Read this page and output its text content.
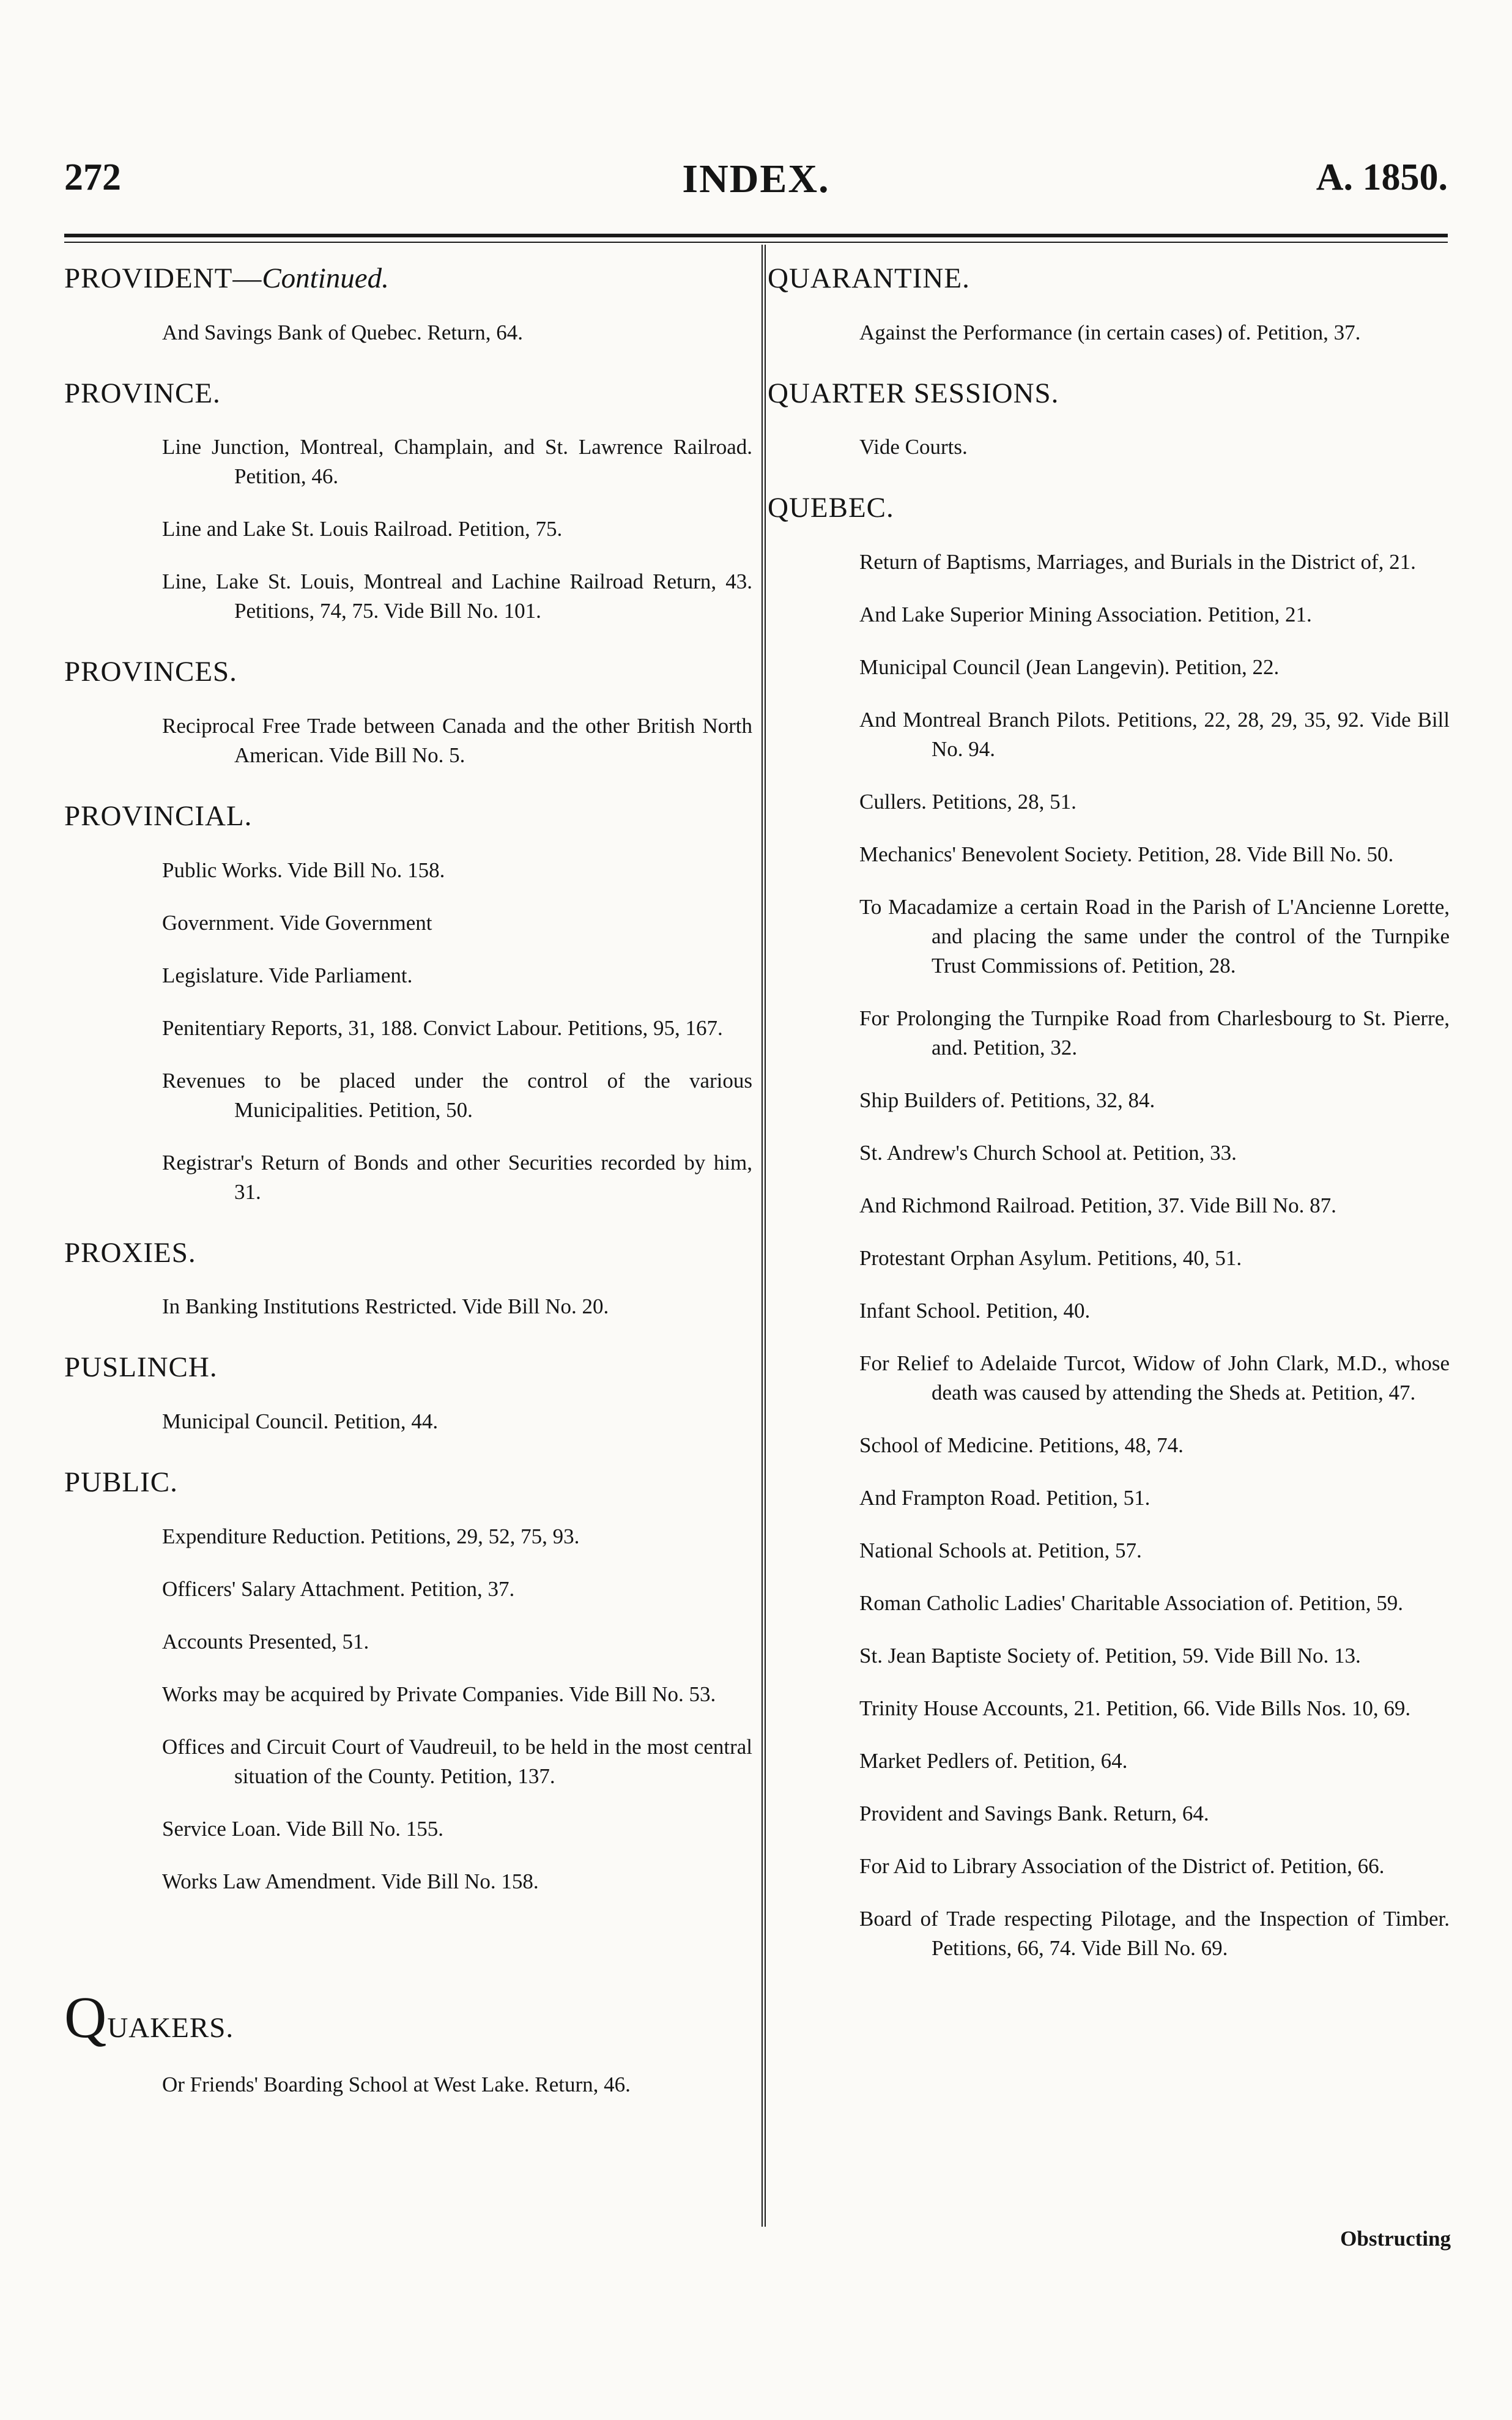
272	INDEX.	A. 1850.
PROVIDENT—Continued.
And Savings Bank of Quebec. Return, 64.
PROVINCE.
Line Junction, Montreal, Champlain, and St. Lawrence Railroad. Petition, 46.
Line and Lake St. Louis Railroad. Petition, 75.
Line, Lake St. Louis, Montreal and Lachine Railroad Return, 43. Petitions, 74, 75. Vide Bill No. 101.
PROVINCES.
Reciprocal Free Trade between Canada and the other British North American. Vide Bill No. 5.
PROVINCIAL.
Public Works. Vide Bill No. 158.
Government. Vide Government
Legislature. Vide Parliament.
Penitentiary Reports, 31, 188. Convict Labour. Petitions, 95, 167.
Revenues to be placed under the control of the various Municipalities. Petition, 50.
Registrar's Return of Bonds and other Securities recorded by him, 31.
PROXIES.
In Banking Institutions Restricted. Vide Bill No. 20.
PUSLINCH.
Municipal Council. Petition, 44.
PUBLIC.
Expenditure Reduction. Petitions, 29, 52, 75, 93.
Officers' Salary Attachment. Petition, 37.
Accounts Presented, 51.
Works may be acquired by Private Companies. Vide Bill No. 53.
Offices and Circuit Court of Vaudreuil, to be held in the most central situation of the County. Petition, 137.
Service Loan. Vide Bill No. 155.
Works Law Amendment. Vide Bill No. 158.
QUAKERS.
Or Friends' Boarding School at West Lake. Return, 46.
QUARANTINE.
Against the Performance (in certain cases) of. Petition, 37.
QUARTER SESSIONS.
Vide Courts.
QUEBEC.
Return of Baptisms, Marriages, and Burials in the District of, 21.
And Lake Superior Mining Association. Petition, 21.
Municipal Council (Jean Langevin). Petition, 22.
And Montreal Branch Pilots. Petitions, 22, 28, 29, 35, 92. Vide Bill No. 94.
Cullers. Petitions, 28, 51.
Mechanics' Benevolent Society. Petition, 28. Vide Bill No. 50.
To Macadamize a certain Road in the Parish of L'Ancienne Lorette, and placing the same under the control of the Turnpike Trust Commissions of. Petition, 28.
For Prolonging the Turnpike Road from Charlesbourg to St. Pierre, and. Petition, 32.
Ship Builders of. Petitions, 32, 84.
St. Andrew's Church School at. Petition, 33.
And Richmond Railroad. Petition, 37. Vide Bill No. 87.
Protestant Orphan Asylum. Petitions, 40, 51.
Infant School. Petition, 40.
For Relief to Adelaide Turcot, Widow of John Clark, M.D., whose death was caused by attending the Sheds at. Petition, 47.
School of Medicine. Petitions, 48, 74.
And Frampton Road. Petition, 51.
National Schools at. Petition, 57.
Roman Catholic Ladies' Charitable Association of. Petition, 59.
St. Jean Baptiste Society of. Petition, 59. Vide Bill No. 13.
Trinity House Accounts, 21. Petition, 66. Vide Bills Nos. 10, 69.
Market Pedlers of. Petition, 64.
Provident and Savings Bank. Return, 64.
For Aid to Library Association of the District of. Petition, 66.
Board of Trade respecting Pilotage, and the Inspection of Timber. Petitions, 66, 74. Vide Bill No. 69.
Obstructing
